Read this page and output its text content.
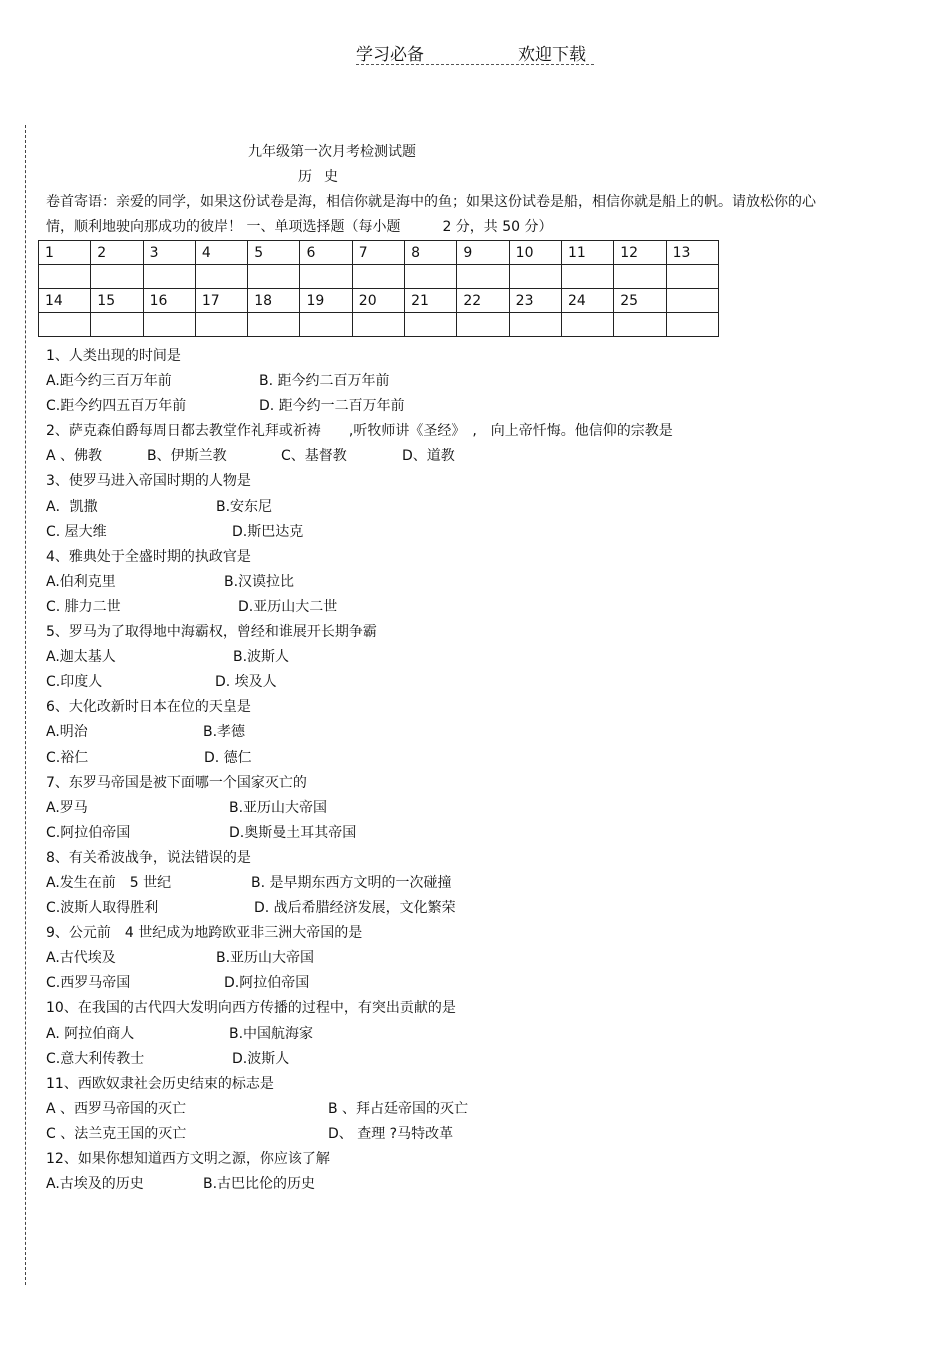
学习必备	欢迎下载
九年级第一次月考检测试题
历史
卷首寄语：亲爱的同学，如果这份试卷是海，相信你就是海中的鱼；如果这份试卷是船，相信你就是船上的帆。请放松你的心情，顺利地驶向那成功的彼岸！ 一、单项选择题（每小题　　　2 分，共 50 分）
1	2	3	4	5	6	7	8	9	10	11	12	13

14	15	16	17	18	19	20	21	22	23	24	25	

1、人类出现的时间是
A.距今约三百万年前	B. 距今约二百万年前
C.距今约四五百万年前	D. 距今约一二百万年前
2、萨克森伯爵每周日都去教堂作礼拜或祈祷　　,听牧师讲《圣经》　,　向上帝忏悔。他信仰的宗教是
A 、佛教	B、伊斯兰教	C、基督教	D、道教
3、使罗马进入帝国时期的人物是
A．凯撒	B.安东尼
C. 屋大维	D.斯巴达克
4、雅典处于全盛时期的执政官是
A.伯利克里	B.汉谟拉比
C. 腓力二世	D.亚历山大二世
5、罗马为了取得地中海霸权，曾经和谁展开长期争霸
A.迦太基人	B.波斯人
C.印度人	D. 埃及人
6、大化改新时日本在位的天皇是
A.明治	B.孝德
C.裕仁	D. 德仁
7、东罗马帝国是被下面哪一个国家灭亡的
A.罗马	B.亚历山大帝国
C.阿拉伯帝国	D.奥斯曼土耳其帝国
8、有关希波战争，说法错误的是
A.发生在前　5 世纪	B. 是早期东西方文明的一次碰撞
C.波斯人取得胜利	D. 战后希腊经济发展，文化繁荣
9、公元前　4 世纪成为地跨欧亚非三洲大帝国的是
A.古代埃及	B.亚历山大帝国
C.西罗马帝国	D.阿拉伯帝国
10、在我国的古代四大发明向西方传播的过程中，有突出贡献的是
A. 阿拉伯商人	B.中国航海家
C.意大利传教士	D.波斯人
11、西欧奴隶社会历史结束的标志是
A 、西罗马帝国的灭亡	B 、拜占廷帝国的灭亡
C 、法兰克王国的灭亡	D、 查理 ?马特改革
12、如果你想知道西方文明之源，你应该了解
A.古埃及的历史	B.古巴比伦的历史
